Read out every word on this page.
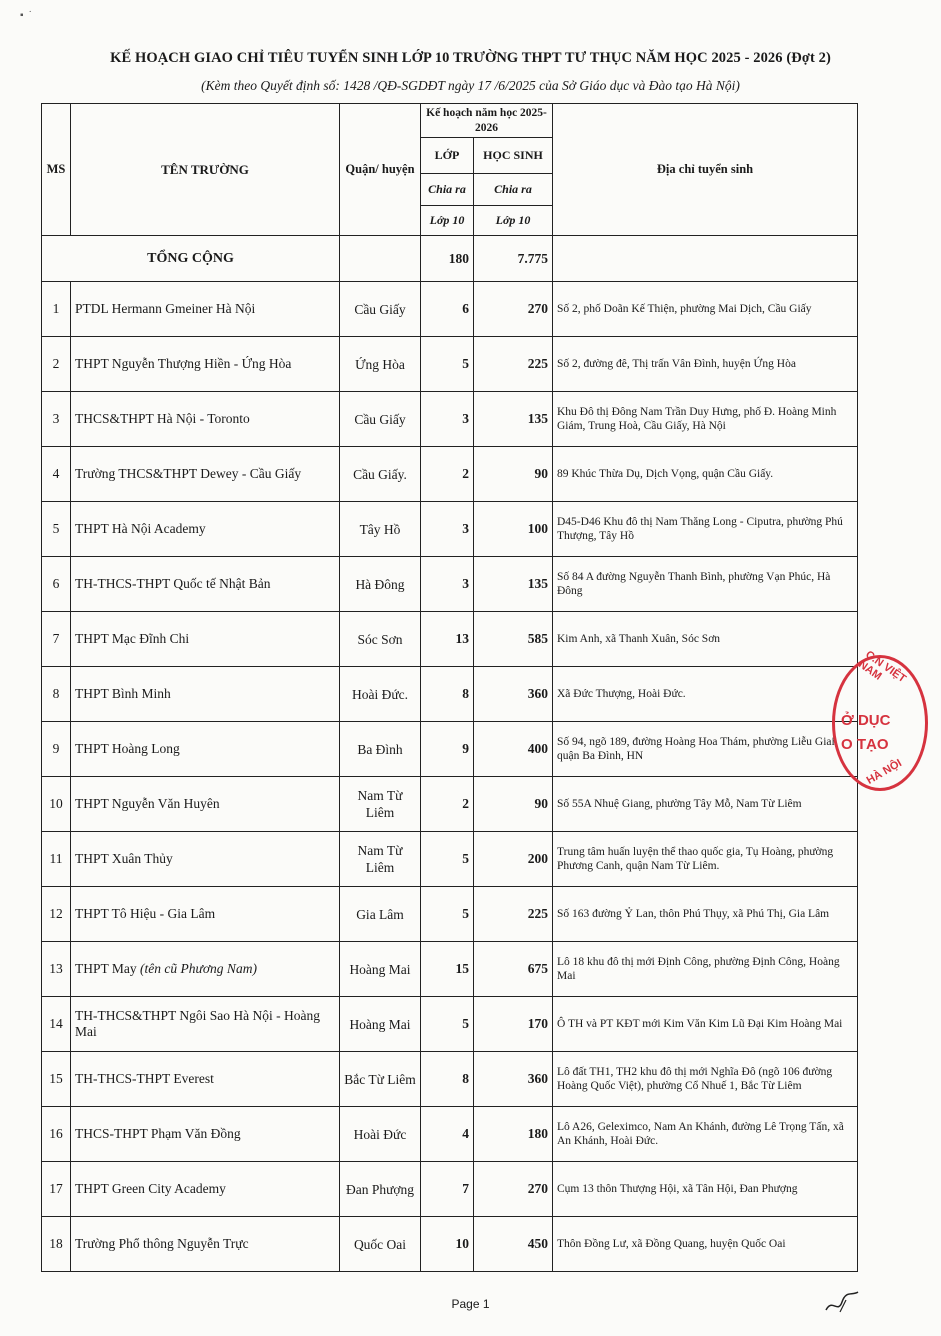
▪  ˙
KẾ HOẠCH GIAO CHỈ TIÊU TUYỂN SINH LỚP 10 TRƯỜNG THPT TƯ THỤC NĂM HỌC 2025 - 2026 (Đợt 2)
(Kèm theo Quyết định số: 1428 /QĐ-SGDĐT ngày 17 /6/2025 của Sở Giáo dục và Đào tạo Hà Nội)
MS	TÊN TRƯỜNG	Quận/ huyện	Kế hoạch năm học 2025-2026		Địa chỉ tuyển sinh
			LỚP	HỌC SINH	
			Chia ra	Chia ra	
			Lớp 10	Lớp 10	
TỔNG CỘNG			180	7.775	
1	PTDL Hermann Gmeiner Hà Nội	Cầu Giấy	6	270	Số 2, phố Doãn Kế Thiện, phường Mai Dịch, Cầu Giấy
2	THPT Nguyễn Thượng Hiền - Ứng Hòa	Ứng Hòa	5	225	Số 2, đường đê, Thị trấn Vân Đình, huyện Ứng Hòa
3	THCS&THPT Hà Nội - Toronto	Cầu Giấy	3	135	Khu Đô thị Đông Nam Trần Duy Hưng, phố Đ. Hoàng Minh Giám, Trung Hoà, Cầu Giấy, Hà Nội
4	Trường THCS&THPT Dewey - Cầu Giấy	Cầu Giấy.	2	90	89 Khúc Thừa Dụ, Dịch Vọng, quận Cầu Giấy.
5	THPT Hà Nội Academy	Tây Hồ	3	100	D45-D46 Khu đô thị Nam Thăng Long - Ciputra, phường Phú Thượng, Tây Hồ
6	TH-THCS-THPT Quốc tế Nhật Bản	Hà Đông	3	135	Số 84 A đường Nguyễn Thanh Bình, phường Vạn Phúc, Hà Đông
7	THPT Mạc Đĩnh Chi	Sóc Sơn	13	585	Kim Anh, xã Thanh Xuân, Sóc Sơn
8	THPT Bình Minh	Hoài Đức.	8	360	Xã Đức Thượng, Hoài Đức.
9	THPT Hoàng Long	Ba Đình	9	400	Số 94, ngõ 189, đường Hoàng Hoa Thám, phường Liễu Giai, quận Ba Đình, HN
10	THPT Nguyễn Văn Huyên	Nam Từ Liêm	2	90	Số 55A Nhuệ Giang, phường Tây Mỗ, Nam Từ Liêm
11	THPT Xuân Thủy	Nam Từ Liêm	5	200	Trung tâm huấn luyện thể thao quốc gia, Tụ Hoàng, phường Phương Canh, quận Nam Từ Liêm.
12	THPT Tô Hiệu - Gia Lâm	Gia Lâm	5	225	Số 163 đường Ỷ Lan, thôn Phú Thụy, xã Phú Thị, Gia Lâm
13	THPT May (tên cũ Phương Nam)	Hoàng Mai	15	675	Lô 18 khu đô thị mới Định Công, phường Định Công, Hoàng Mai
14	TH-THCS&THPT Ngôi Sao Hà Nội - Hoàng Mai	Hoàng Mai	5	170	Ô TH và PT KĐT mới Kim Văn Kim Lũ Đại Kim Hoàng Mai
15	TH-THCS-THPT Everest	Bắc Từ Liêm	8	360	Lô đất TH1, TH2 khu đô thị mới Nghĩa Đô (ngõ 106 đường Hoàng Quốc Việt), phường Cổ Nhuế 1, Bắc Từ Liêm
16	THCS-THPT Phạm Văn Đồng	Hoài Đức	4	180	Lô A26, Geleximco, Nam An Khánh, đường Lê Trọng Tấn, xã An Khánh, Hoài Đức.
17	THPT Green City Academy	Đan Phượng	7	270	Cụm 13 thôn Thượng Hội, xã Tân Hội, Đan Phượng
18	Trường Phổ thông Nguyễn Trực	Quốc Oai	10	450	Thôn Đồng Lư, xã Đồng Quang, huyện Quốc Oai
C.N VIỆT NAM
Ở DỤC
O TẠO
HÀ NỘI
Page 1
